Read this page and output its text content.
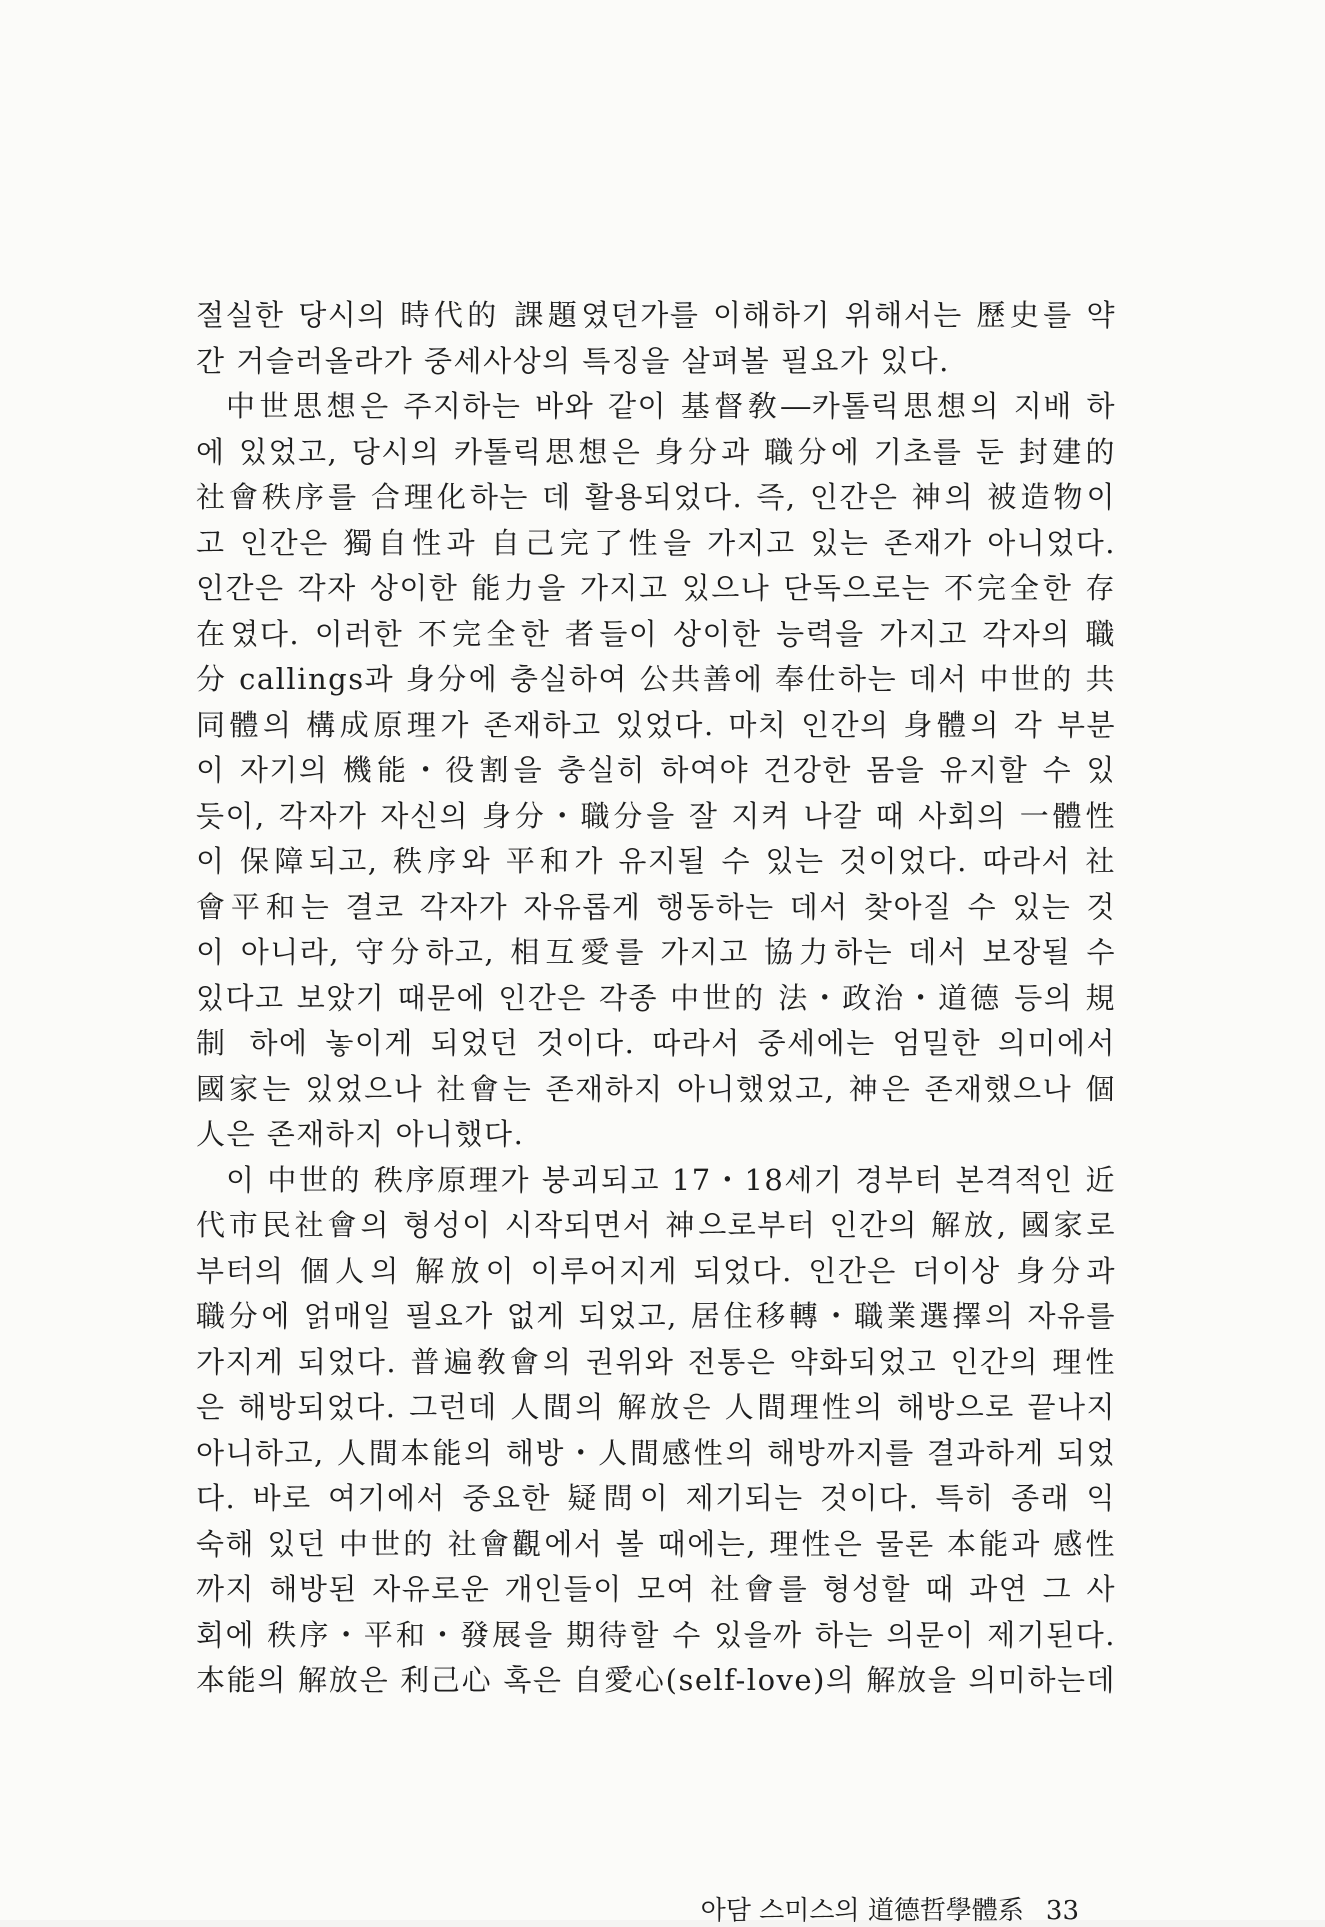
절실한 당시의 時代的 課題였던가를 이해하기 위해서는 歷史를 약
간 거슬러올라가 중세사상의 특징을 살펴볼 필요가 있다.
中世思想은 주지하는 바와 같이 基督敎―카톨릭思想의 지배 하
에 있었고, 당시의 카톨릭思想은 身分과 職分에 기초를 둔 封建的
社會秩序를 合理化하는 데 활용되었다. 즉, 인간은 神의 被造物이
고 인간은 獨自性과 自己完了性을 가지고 있는 존재가 아니었다.
인간은 각자 상이한 能力을 가지고 있으나 단독으로는 不完全한 存
在였다. 이러한 不完全한 者들이 상이한 능력을 가지고 각자의 職
分 callings과 身分에 충실하여 公共善에 奉仕하는 데서 中世的 共
同體의 構成原理가 존재하고 있었다. 마치 인간의 身體의 각 부분
이 자기의 機能・役割을 충실히 하여야 건강한 몸을 유지할 수 있
듯이, 각자가 자신의 身分・職分을 잘 지켜 나갈 때 사회의 一體性
이 保障되고, 秩序와 平和가 유지될 수 있는 것이었다. 따라서 社
會平和는 결코 각자가 자유롭게 행동하는 데서 찾아질 수 있는 것
이 아니라, 守分하고, 相互愛를 가지고 協力하는 데서 보장될 수
있다고 보았기 때문에 인간은 각종 中世的 法・政治・道德 등의 規
制 하에 놓이게 되었던 것이다. 따라서 중세에는 엄밀한 의미에서
國家는 있었으나 社會는 존재하지 아니했었고, 神은 존재했으나 個
人은 존재하지 아니했다.
이 中世的 秩序原理가 붕괴되고 17・18세기 경부터 본격적인 近
代市民社會의 형성이 시작되면서 神으로부터 인간의 解放, 國家로
부터의 個人의 解放이 이루어지게 되었다. 인간은 더이상 身分과
職分에 얽매일 필요가 없게 되었고, 居住移轉・職業選擇의 자유를
가지게 되었다. 普遍敎會의 권위와 전통은 약화되었고 인간의 理性
은 해방되었다. 그런데 人間의 解放은 人間理性의 해방으로 끝나지
아니하고, 人間本能의 해방・人間感性의 해방까지를 결과하게 되었
다. 바로 여기에서 중요한 疑問이 제기되는 것이다. 특히 종래 익
숙해 있던 中世的 社會觀에서 볼 때에는, 理性은 물론 本能과 感性
까지 해방된 자유로운 개인들이 모여 社會를 형성할 때 과연 그 사
회에 秩序・平和・發展을 期待할 수 있을까 하는 의문이 제기된다.
本能의 解放은 利己心 혹은 自愛心(self-love)의 解放을 의미하는데
아담 스미스의 道德哲學體系 33
